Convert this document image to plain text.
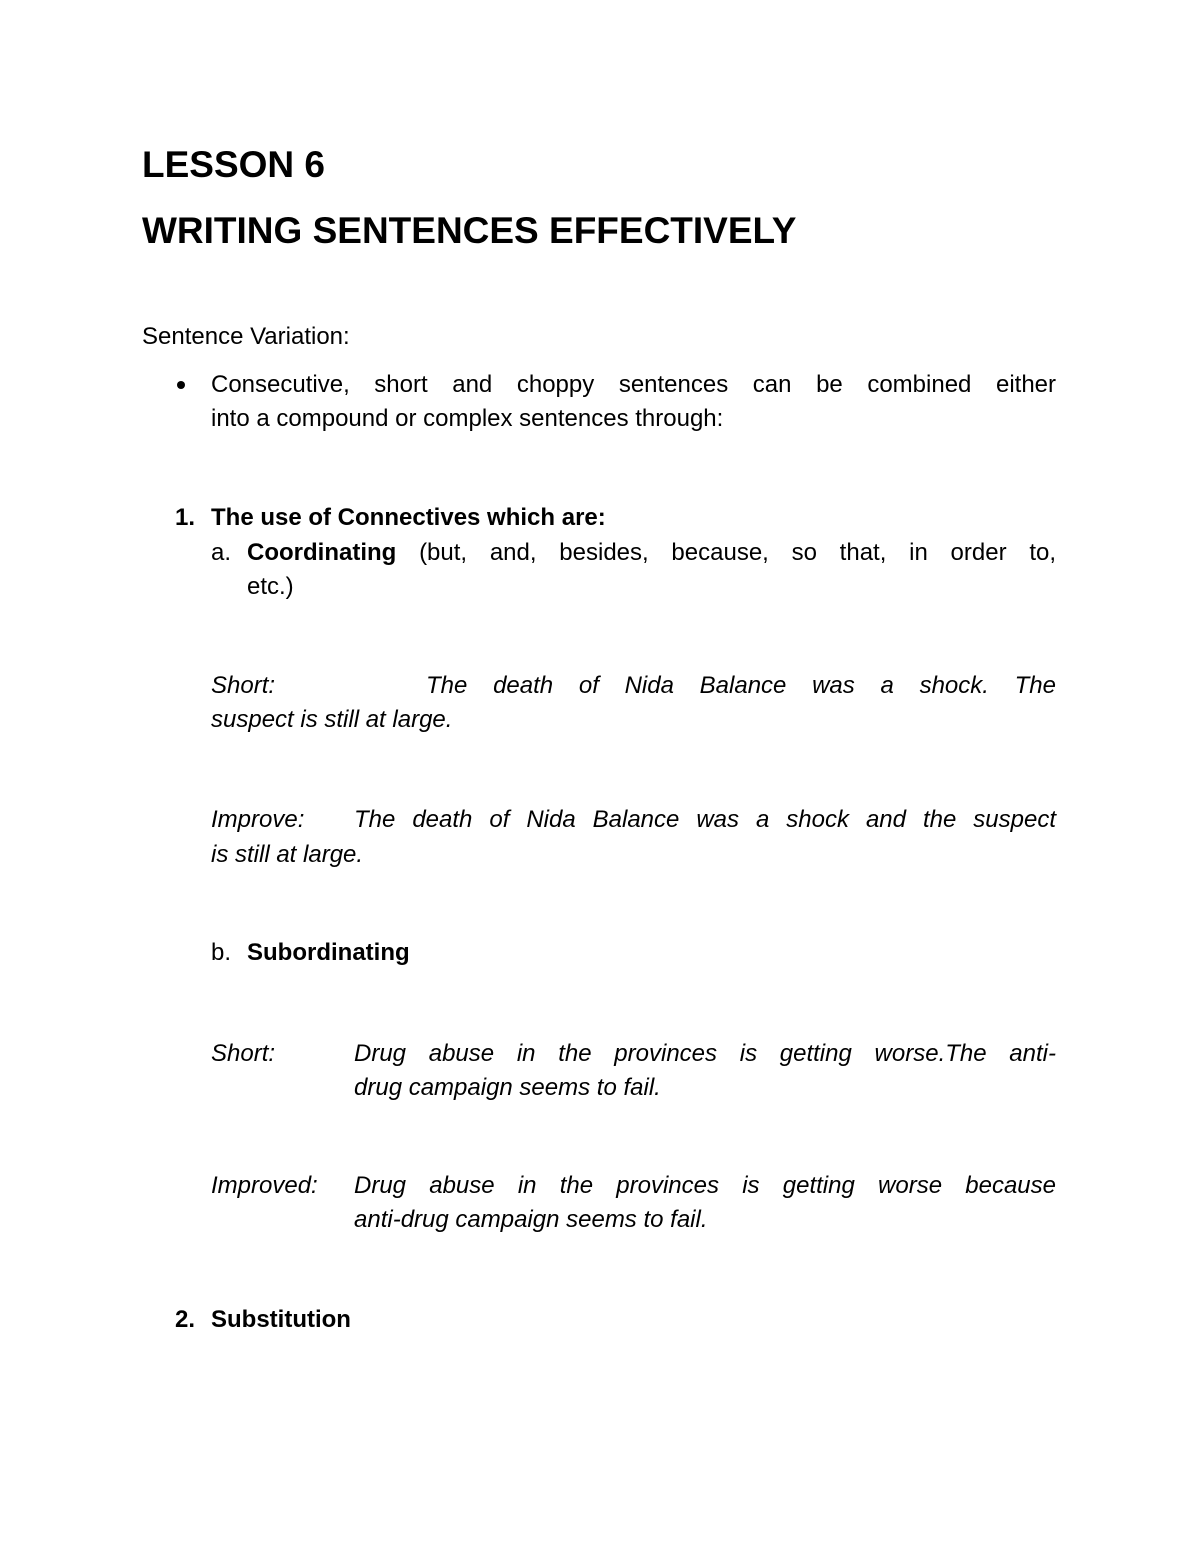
LESSON 6
WRITING SENTENCES EFFECTIVELY
Sentence Variation:
Consecutive, short and choppy sentences can be combined either
into a compound or complex sentences through:
1. The use of Connectives which are:
a. Coordinating (but, and, besides, because, so that, in order to,
etc.)
Short:	The death of Nida Balance was a shock. The
suspect is still at large.
Improve: The death of Nida Balance was a shock and the suspect
is still at large.
b. Subordinating
Short:	Drug abuse in the provinces is getting worse.The anti-
drug campaign seems to fail.
Improved: Drug abuse in the provinces is getting worse because
anti-drug campaign seems to fail.
2. Substitution
